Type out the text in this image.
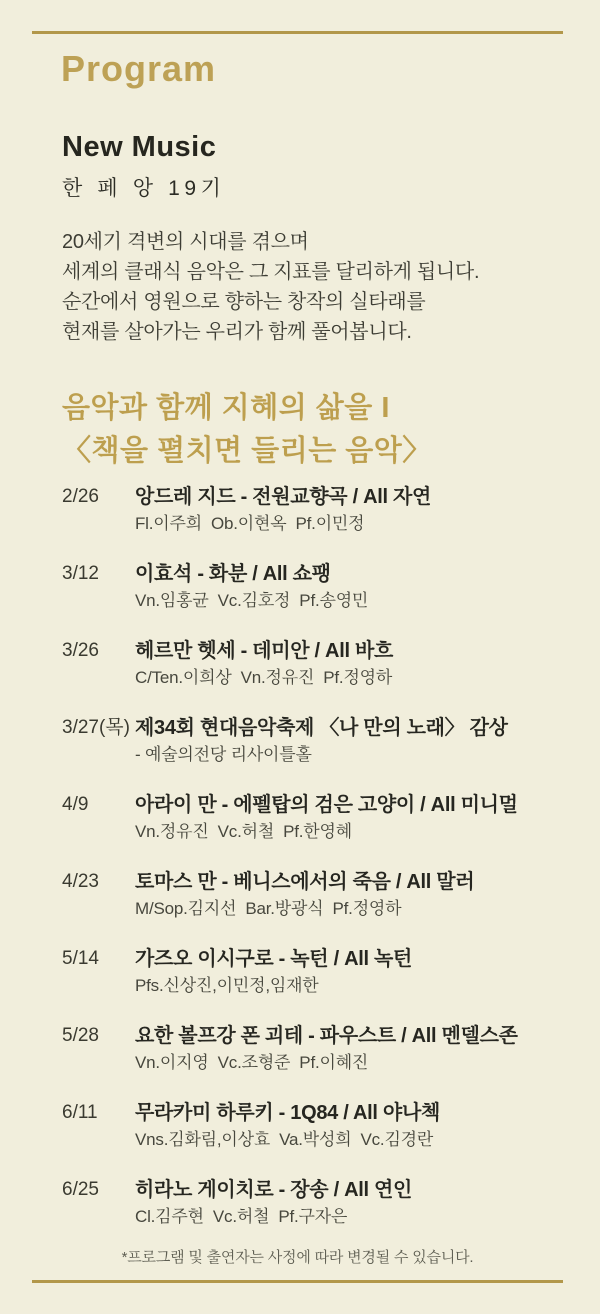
Program
New Music
한 페 앙 19기
20세기 격변의 시대를 겪으며
세계의 클래식 음악은 그 지표를 달리하게 됩니다.
순간에서 영원으로 향하는 창작의 실타래를
현재를 살아가는 우리가 함께 풀어봅니다.
음악과 함께 지혜의 삶을 I
〈책을 펼치면 들리는 음악〉
2/26	앙드레 지드 - 전원교향곡 / All 자연
Fl.이주희  Ob.이현옥  Pf.이민정
3/12	이효석 - 화분 / All 쇼팽
Vn.임홍균  Vc.김호정  Pf.송영민
3/26	헤르만 헷세 - 데미안 / All 바흐
C/Ten.이희상  Vn.정유진  Pf.정영하
3/27(목) 제34회 현대음악축제 〈나 만의 노래〉 감상
- 예술의전당 리사이틀홀
4/9	아라이 만 - 에펠탑의 검은 고양이 / All 미니멀
Vn.정유진  Vc.허철  Pf.한영혜
4/23	토마스 만 - 베니스에서의 죽음 / All 말러
M/Sop.김지선  Bar.방광식  Pf.정영하
5/14	가즈오 이시구로 - 녹턴 / All 녹턴
Pfs.신상진,이민정,임재한
5/28	요한 볼프강 폰 괴테 - 파우스트 / All 멘델스존
Vn.이지영  Vc.조형준  Pf.이혜진
6/11	무라카미 하루키 - 1Q84 / All 야나첵
Vns.김화림,이상효  Va.박성희  Vc.김경란
6/25	히라노 게이치로 - 장송 / All 연인
Cl.김주현  Vc.허철  Pf.구자은
*프로그램 및 출연자는 사정에 따라 변경될 수 있습니다.
